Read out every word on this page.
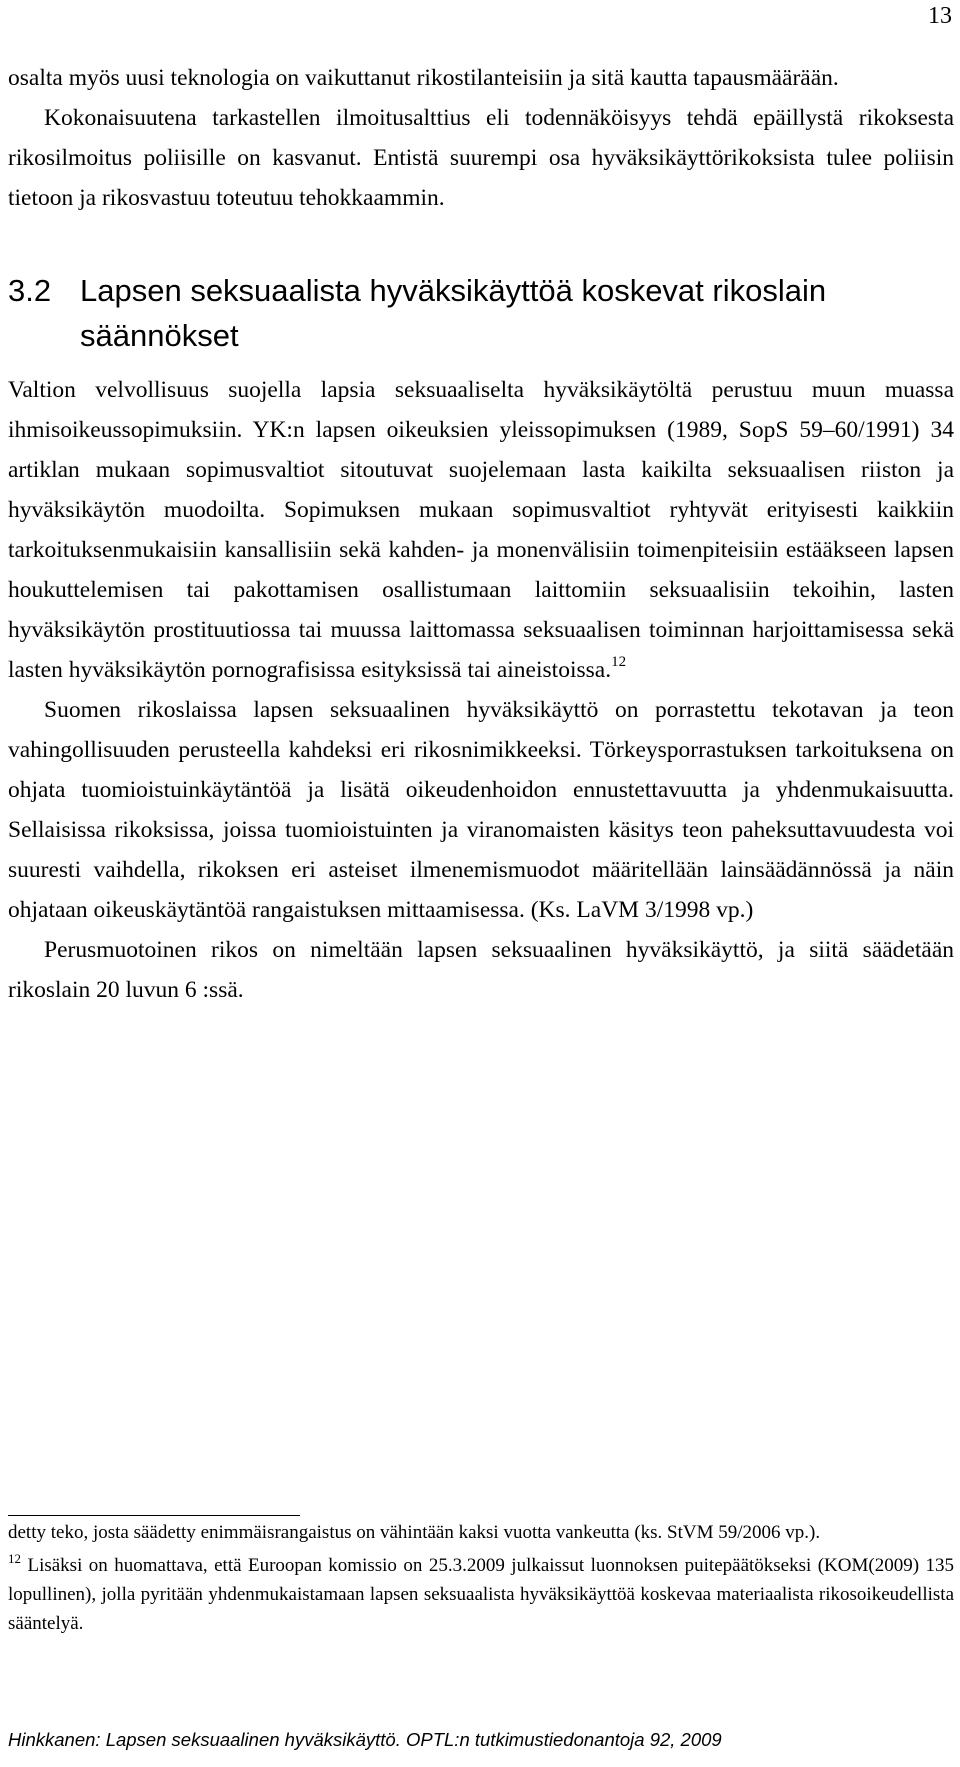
13

osalta myös uusi teknologia on vaikuttanut rikostilanteisiin ja sitä kautta tapausmäärään.

Kokonaisuutena tarkastellen ilmoitusalttius eli todennäköisyys tehdä epäillystä rikoksesta rikosilmoitus poliisille on kasvanut. Entistä suurempi osa hyväksikäyttörikoksista tulee poliisin tietoon ja rikosvastuu toteutuu tehokkaammin.

3.2 Lapsen seksuaalista hyväksikäyttöä koskevat rikoslain säännökset

Valtion velvollisuus suojella lapsia seksuaaliselta hyväksikäytöltä perustuu muun muassa ihmisoikeussopimuksiin. YK:n lapsen oikeuksien yleissopimuksen (1989, SopS 59–60/1991) 34 artiklan mukaan sopimusvaltiot sitoutuvat suojelemaan lasta kaikilta seksuaalisen riiston ja hyväksikäytön muodoilta. Sopimuksen mukaan sopimusvaltiot ryhtyvät erityisesti kaikkiin tarkoituksenmukaisiin kansallisiin sekä kahden- ja monenvälisiin toimenpiteisiin estääkseen lapsen houkuttelemisen tai pakottamisen osallistumaan laittomiin seksuaalisiin tekoihin, lasten hyväksikäytön prostituutiossa tai muussa laittomassa seksuaalisen toiminnan harjoittamisessa sekä lasten hyväksikäytön pornografisissa esityksissä tai aineistoissa.$^{12}$

Suomen rikoslaissa lapsen seksuaalinen hyväksikäyttö on porrastettu tekotavan ja teon vahingollisuuden perusteella kahdeksi eri rikosnimikkeeksi. Törkeysporrastuksen tarkoituksena on ohjata tuomioistuinkäytäntöä ja lisätä oikeudenhoidon ennustettavuutta ja yhdenmukaisuutta. Sellaisissa rikoksissa, joissa tuomioistuinten ja viranomaisten käsitys teon paheksuttavuudesta voi suuresti vaihdella, rikoksen eri asteiset ilmenemismuodot määritellään lainsäädännössä ja näin ohjataan oikeuskäytäntöä rangaistuksen mittaamisessa. (Ks. LaVM 3/1998 vp.)

Perusmuotoinen rikos on nimeltään lapsen seksuaalinen hyväksikäyttö, ja siitä säädetään rikoslain 20 luvun 6 :ssä.

detty teko, josta säädetty enimmäisrangaistus on vähintään kaksi vuotta vankeutta (ks. StVM 59/2006 vp.).

$^{12}$ Lisäksi on huomattava, että Euroopan komissio on 25.3.2009 julkaissut luonnoksen puitepäätökseksi (KOM(2009) 135 lopullinen), jolla pyritään yhdenmukaistamaan lapsen seksuaalista hyväksikäyttöä koskevaa materiaalista rikosoikeudellista sääntelyä.

Hinkkanen: Lapsen seksuaalinen hyväksikäyttö. OPTL:n tutkimustiedonantoja 92, 2009
